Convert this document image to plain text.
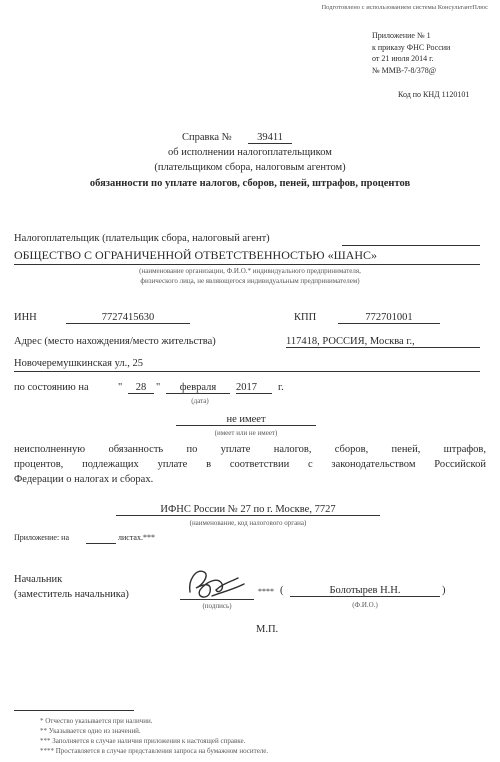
Подготовлено с использованием системы КонсультантПлюс
Приложение № 1
к приказу ФНС России
от 21 июля 2014 г.
№ ММВ-7-8/378@
Код по КНД 1120101
Справка №	39411
об исполнении налогоплательщиком
(плательщиком сбора, налоговым агентом)
обязанности по уплате налогов, сборов, пеней, штрафов, процентов
Налогоплательщик (плательщик сбора, налоговый агент)
ОБЩЕСТВО С ОГРАНИЧЕННОЙ ОТВЕТСТВЕННОСТЬЮ «ШАНС»
(наименование организации, Ф.И.О.* индивидуального предпринимателя,
физического лица, не являющегося индивидуальным предпринимателем)
ИНН	7727415630	КПП	772701001
Адрес (место нахождения/место жительства)	117418, РОССИЯ, Москва г.,
Новочеремушкинская ул., 25
по состоянию на	"	28 "	февраля	2017	г.
(дата)
не имеет
(имеет или не имеет)
неисполненную обязанность по уплате налогов, сборов, пеней, штрафов,
процентов, подлежащих уплате в соответствии с законодательством Российской
Федерации о налогах и сборах.
ИФНС России № 27 по г. Москве, 7727
(наименование, код налогового органа)
Приложение: на	листах.***
Начальник
(заместитель начальника)
(подпись)
**** (	Болотырев Н.Н.	)
(Ф.И.О.)
М.П.
* Отчество указывается при наличии.
** Указывается одно из значений.
*** Заполняется в случае наличия приложения к настоящей справке.
**** Проставляется в случае представления запроса на бумажном носителе.
